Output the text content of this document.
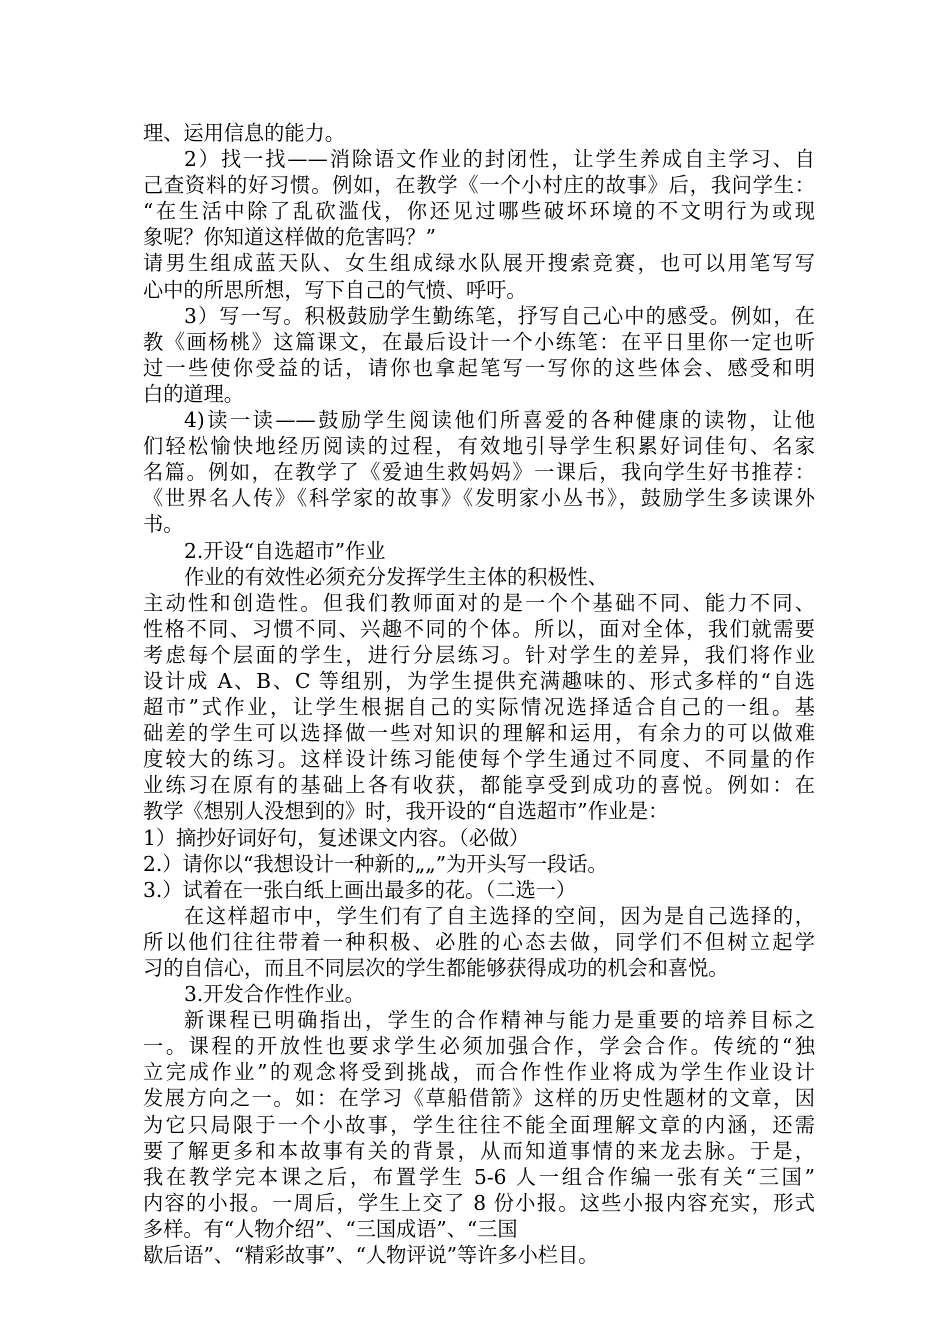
理、运用信息的能力。
2）找一找——消除语文作业的封闭性，让学生养成自主学习、自
己查资料的好习惯。例如，在教学《一个小村庄的故事》后，我问学生：
“在生活中除了乱砍滥伐，你还见过哪些破坏环境的不文明行为或现
象呢？你知道这样做的危害吗？”
请男生组成蓝天队、女生组成绿水队展开搜索竞赛，也可以用笔写写
心中的所思所想，写下自己的气愤、呼吁。
3）写一写。积极鼓励学生勤练笔，抒写自己心中的感受。例如，在
教《画杨桃》这篇课文，在最后设计一个小练笔：在平日里你一定也听
过一些使你受益的话，请你也拿起笔写一写你的这些体会、感受和明
白的道理。
4)读一读——鼓励学生阅读他们所喜爱的各种健康的读物，让他
们轻松愉快地经历阅读的过程，有效地引导学生积累好词佳句、名家
名篇。例如，在教学了《爱迪生救妈妈》一课后，我向学生好书推荐：
《世界名人传》《科学家的故事》《发明家小丛书》，鼓励学生多读课外
书。
2.开设“自选超市”作业
作业的有效性必须充分发挥学生主体的积极性、
主动性和创造性。但我们教师面对的是一个个基础不同、能力不同、
性格不同、习惯不同、兴趣不同的个体。所以，面对全体，我们就需要
考虑每个层面的学生，进行分层练习。针对学生的差异，我们将作业
设计成 A、B、C 等组别，为学生提供充满趣味的、形式多样的“自选
超市”式作业，让学生根据自己的实际情况选择适合自己的一组。基
础差的学生可以选择做一些对知识的理解和运用，有余力的可以做难
度较大的练习。这样设计练习能使每个学生通过不同度、不同量的作
业练习在原有的基础上各有收获，都能享受到成功的喜悦。例如：在
教学《想别人没想到的》时，我开设的“自选超市”作业是：
1）摘抄好词好句，复述课文内容。（必做）
2.）请你以“我想设计一种新的„„”为开头写一段话。
3.）试着在一张白纸上画出最多的花。（二选一）
在这样超市中，学生们有了自主选择的空间，因为是自己选择的，
所以他们往往带着一种积极、必胜的心态去做，同学们不但树立起学
习的自信心，而且不同层次的学生都能够获得成功的机会和喜悦。
3.开发合作性作业。
新课程已明确指出，学生的合作精神与能力是重要的培养目标之
一。课程的开放性也要求学生必须加强合作，学会合作。传统的“独
立完成作业”的观念将受到挑战，而合作性作业将成为学生作业设计
发展方向之一。如：在学习《草船借箭》这样的历史性题材的文章，因
为它只局限于一个小故事，学生往往不能全面理解文章的内涵，还需
要了解更多和本故事有关的背景，从而知道事情的来龙去脉。于是，
我在教学完本课之后，布置学生 5-6 人一组合作编一张有关“三国”
内容的小报。一周后，学生上交了 8 份小报。这些小报内容充实，形式
多样。有“人物介绍”、“三国成语”、“三国
歇后语”、“精彩故事”、“人物评说”等许多小栏目。
